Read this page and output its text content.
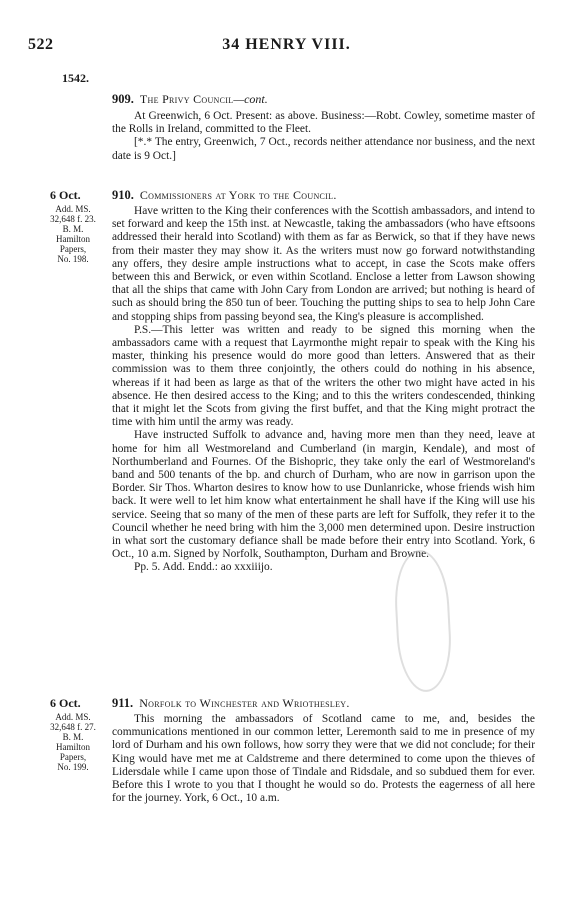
522	34 HENRY VIII.
1542.
909. The Privy Council—cont.

At Greenwich, 6 Oct. Present: as above. Business:—Robt. Cowley, sometime master of the Rolls in Ireland, committed to the Fleet.

[*.* The entry, Greenwich, 7 Oct., records neither attendance nor business, and the next date is 9 Oct.]

6 Oct.
Add. MS.
32,648 f. 23.
B. M.
Hamilton
Papers,
No. 198.
910. Commissioners at York to the Council.

Have written to the King their conferences with the Scottish ambassadors, and intend to set forward and keep the 15th inst. at Newcastle, taking the ambassadors (who have eftsoons addressed their herald into Scotland) with them as far as Berwick, so that if they have news from their master they may show it. As the writers must now go forward notwithstanding any offers, they desire ample instructions what to accept, in case the Scots make offers between this and Berwick, or even within Scotland. Enclose a letter from Lawson showing that all the ships that came with John Cary from London are arrived; but nothing is heard of such as should bring the 850 tun of beer. Touching the putting ships to sea to help John Care and stopping ships from passing beyond sea, the King's pleasure is accomplished.

P.S.—This letter was written and ready to be signed this morning when the ambassadors came with a request that Layrmonthe might repair to speak with the King his master, thinking his presence would do more good than letters. Answered that as their commission was to them three conjointly, the others could do nothing in his absence, whereas if it had been as large as that of the writers the other two might have acted in his absence. He then desired access to the King; and to this the writers condescended, thinking that it might let the Scots from giving the first buffet, and that the King might protract the time with him until the army was ready.

Have instructed Suffolk to advance and, having more men than they need, leave at home for him all Westmoreland and Cumberland (in margin, Kendale), and most of Northumberland and Fournes. Of the Bishopric, they take only the earl of Westmoreland's band and 500 tenants of the bp. and church of Durham, who are now in garrison upon the Border. Sir Thos. Wharton desires to know how to use Dunlanricke, whose friends wish him back. It were well to let him know what entertainment he shall have if the King will use his service. Seeing that so many of the men of these parts are left for Suffolk, they refer it to the Council whether he need bring with him the 3,000 men determined upon. Desire instruction in what sort the customary defiance shall be made before their entry into Scotland. York, 6 Oct., 10 a.m. Signed by Norfolk, Southampton, Durham and Browne.

Pp. 5. Add. Endd.: ao xxxiiijo.

6 Oct.
Add. MS.
32,648 f. 27.
B. M.
Hamilton
Papers,
No. 199.
911. Norfolk to Winchester and Wriothesley.

This morning the ambassadors of Scotland came to me, and, besides the communications mentioned in our common letter, Leremonth said to me in presence of my lord of Durham and his own follows, how sorry they were that we did not conclude; for their King would have met me at Caldstreme and there determined to come upon the thieves of Lidersdale while I came upon those of Tindale and Ridsdale, and so subdued them for ever. Before this I wrote to you that I thought he would so do. Protests the eagerness of all here for the journey. York, 6 Oct., 10 a.m.
